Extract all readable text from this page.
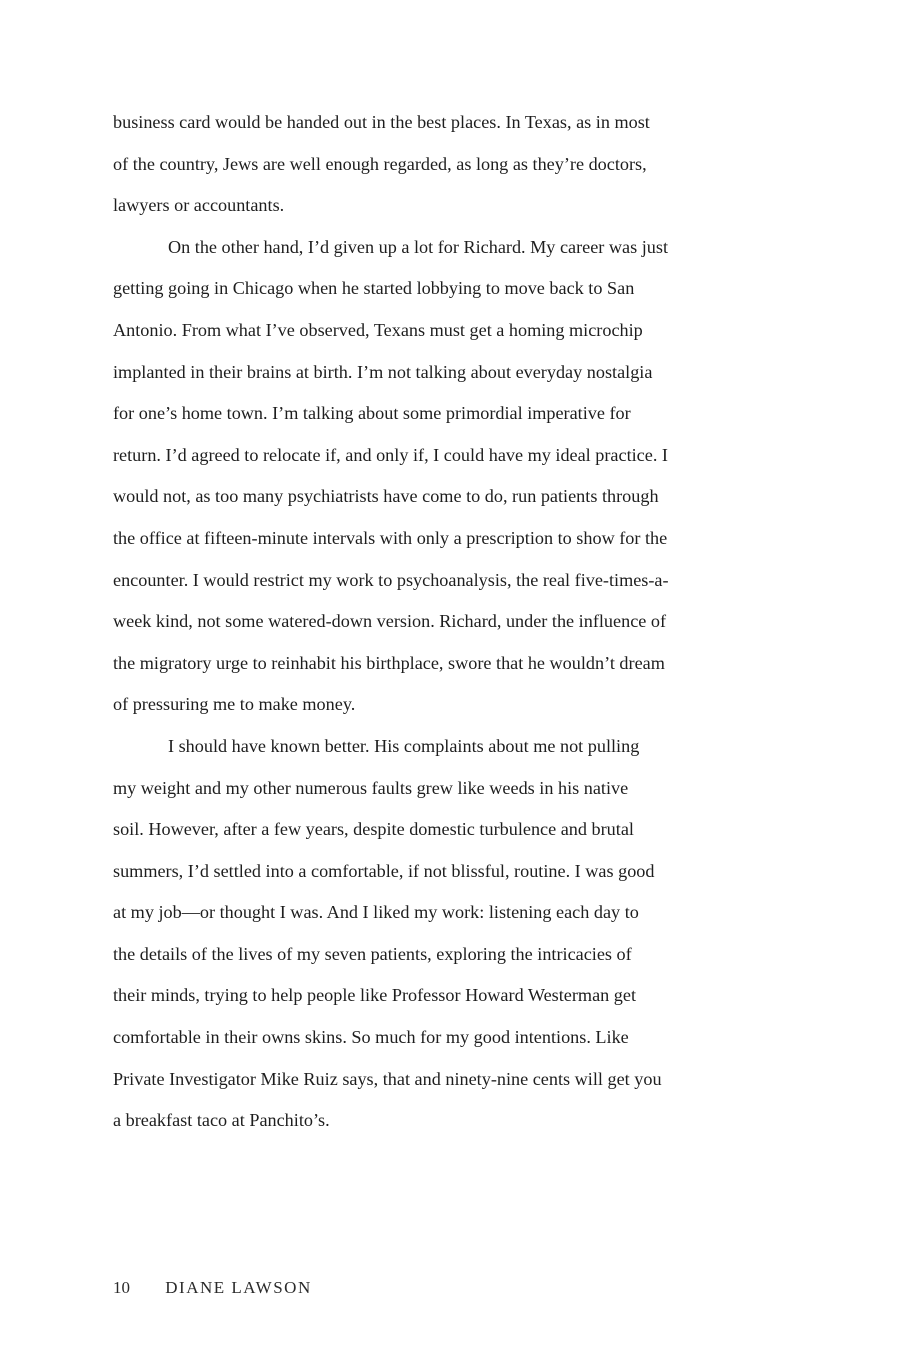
business card would be handed out in the best places. In Texas, as in most
of the country, Jews are well enough regarded, as long as they’re doctors,
lawyers or accountants.
On the other hand, I’d given up a lot for Richard. My career was just
getting going in Chicago when he started lobbying to move back to San
Antonio. From what I’ve observed, Texans must get a homing microchip
implanted in their brains at birth. I’m not talking about everyday nostalgia
for one’s home town. I’m talking about some primordial imperative for
return. I’d agreed to relocate if, and only if, I could have my ideal practice. I
would not, as too many psychiatrists have come to do, run patients through
the office at fifteen-minute intervals with only a prescription to show for the
encounter. I would restrict my work to psychoanalysis, the real five-times-a-
week kind, not some watered-down version. Richard, under the influence of
the migratory urge to reinhabit his birthplace, swore that he wouldn’t dream
of pressuring me to make money.
I should have known better. His complaints about me not pulling
my weight and my other numerous faults grew like weeds in his native
soil. However, after a few years, despite domestic turbulence and brutal
summers, I’d settled into a comfortable, if not blissful, routine. I was good
at my job—or thought I was. And I liked my work: listening each day to
the details of the lives of my seven patients, exploring the intricacies of
their minds, trying to help people like Professor Howard Westerman get
comfortable in their owns skins. So much for my good intentions. Like
Private Investigator Mike Ruiz says, that and ninety-nine cents will get you
a breakfast taco at Panchito’s.
10 DIANE LAWSON
